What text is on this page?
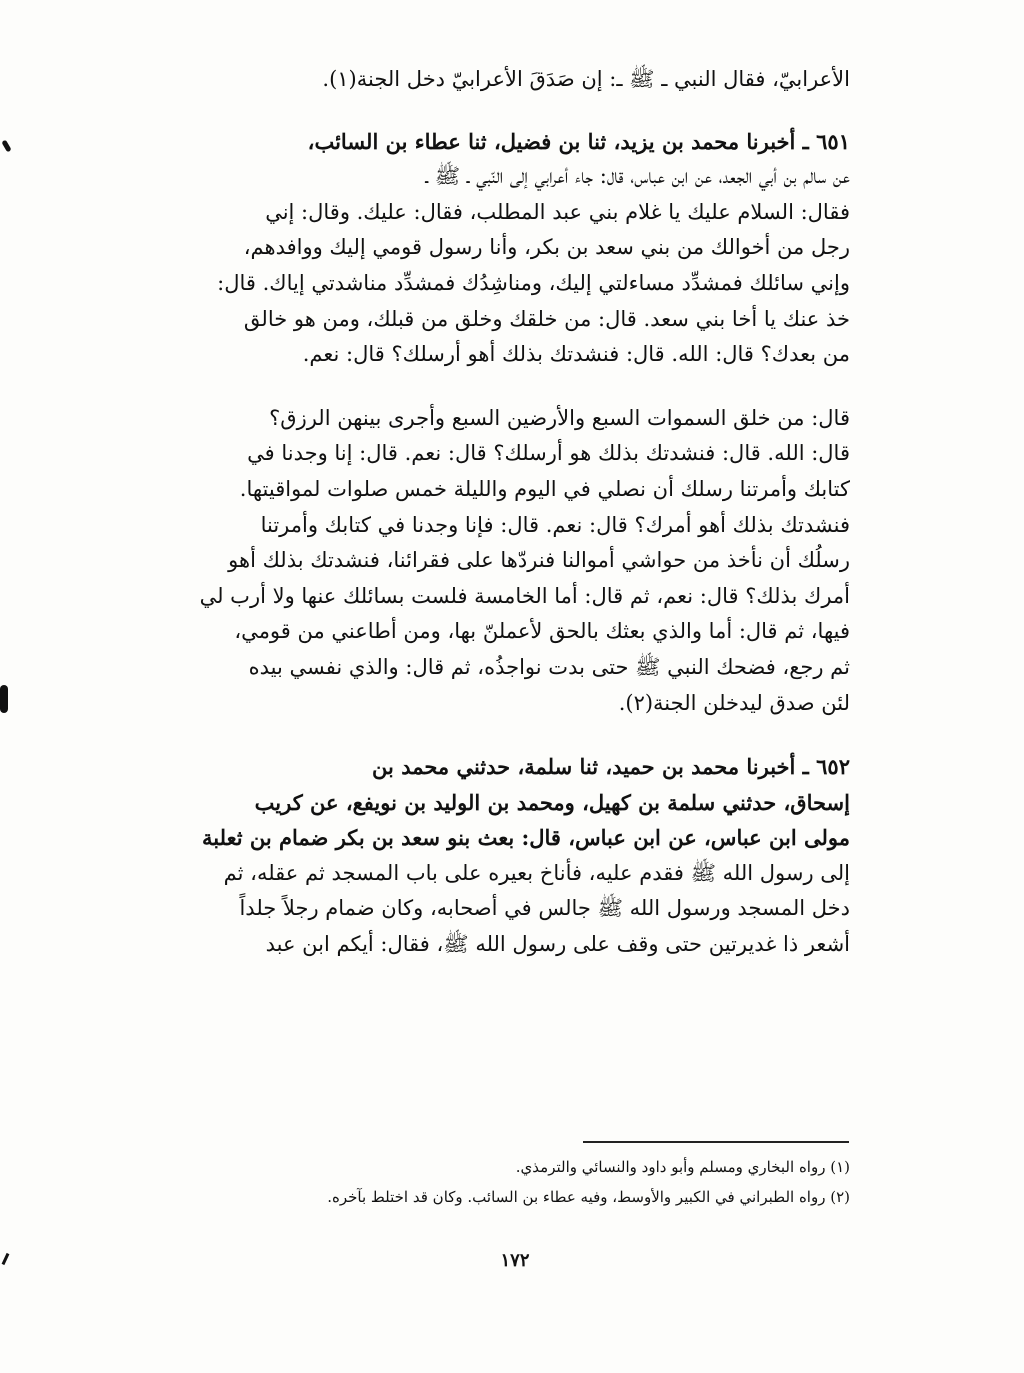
الأعرابيّ، فقال النبي ـ ﷺ ـ: إن صَدَقَ الأعرابيّ دخل الجنة(١).

٦٥١ ـ أخبرنا محمد بن يزيد، ثنا بن فضيل، ثنا عطاء بن السائب،
عن سالم بن أبي الجعد، عن ابن عباس، قال: جاء أعرابي إلى النّبي ـ ﷺ ـ
فقال: السلام عليك يا غلام بني عبد المطلب، فقال: عليك. وقال: إني
رجل من أخوالك من بني سعد بن بكر، وأنا رسول قومي إليك ووافدهم،
وإني سائلك فمشدِّد مساءلتي إليك، ومناشِدُك فمشدِّد مناشدتي إياك. قال:
خذ عنك يا أخا بني سعد. قال: من خلقك وخلق من قبلك، ومن هو خالق
من بعدك؟ قال: الله. قال: فنشدتك بذلك أهو أرسلك؟ قال: نعم.

قال: من خلق السموات السبع والأرضين السبع وأجرى بينهن الرزق؟
قال: الله. قال: فنشدتك بذلك هو أرسلك؟ قال: نعم. قال: إنا وجدنا في
كتابك وأمرتنا رسلك أن نصلي في اليوم والليلة خمس صلوات لمواقيتها.
فنشدتك بذلك أهو أمرك؟ قال: نعم. قال: فإنا وجدنا في كتابك وأمرتنا
رسلُك أن نأخذ من حواشي أموالنا فنردّها على فقرائنا، فنشدتك بذلك أهو
أمرك بذلك؟ قال: نعم، ثم قال: أما الخامسة فلست بسائلك عنها ولا أرب لي
فيها، ثم قال: أما والذي بعثك بالحق لأعملنّ بها، ومن أطاعني من قومي،
ثم رجع، فضحك النبي ﷺ حتى بدت نواجذُه، ثم قال: والذي نفسي بيده
لئن صدق ليدخلن الجنة(٢).

٦٥٢ ـ أخبرنا محمد بن حميد، ثنا سلمة، حدثني محمد بن
إسحاق، حدثني سلمة بن كهيل، ومحمد بن الوليد بن نويفع، عن كريب
مولى ابن عباس، عن ابن عباس، قال: بعث بنو سعد بن بكر ضمام بن ثعلبة
إلى رسول الله ﷺ فقدم عليه، فأناخ بعيره على باب المسجد ثم عقله، ثم
دخل المسجد ورسول الله ﷺ جالس في أصحابه، وكان ضمام رجلاً جلداً
أشعر ذا غديرتين حتى وقف على رسول الله ﷺ، فقال: أيكم ابن عبد

(١) رواه البخاري ومسلم وأبو داود والنسائي والترمذي.
(٢) رواه الطبراني في الكبير والأوسط، وفيه عطاء بن السائب. وكان قد اختلط بآخره.
١٧٢
